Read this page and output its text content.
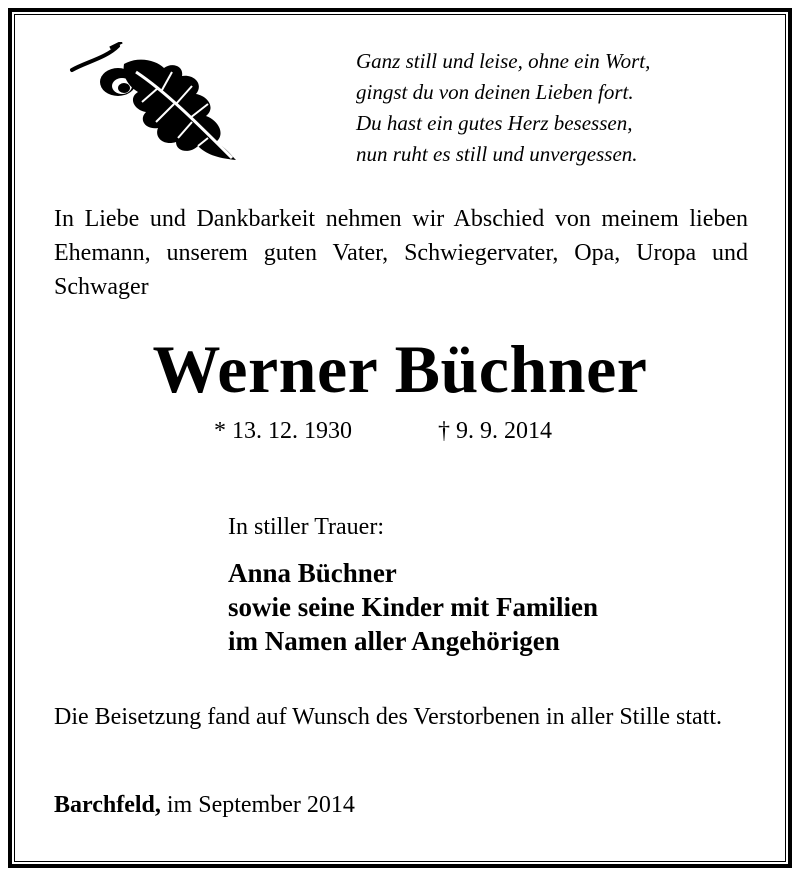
Ganz still und leise, ohne ein Wort,
gingst du von deinen Lieben fort.
Du hast ein gutes Herz besessen,
nun ruht es still und unvergessen.
In Liebe und Dankbarkeit nehmen wir Abschied von meinem lieben Ehemann, unserem guten Vater, Schwiegervater, Opa, Uropa und Schwager
Werner Büchner
* 13. 12. 1930	† 9. 9. 2014
In stiller Trauer:
Anna Büchner
sowie seine Kinder mit Familien
im Namen aller Angehörigen
Die Beisetzung fand auf Wunsch des Verstorbenen in aller Stille statt.
Barchfeld, im September 2014
